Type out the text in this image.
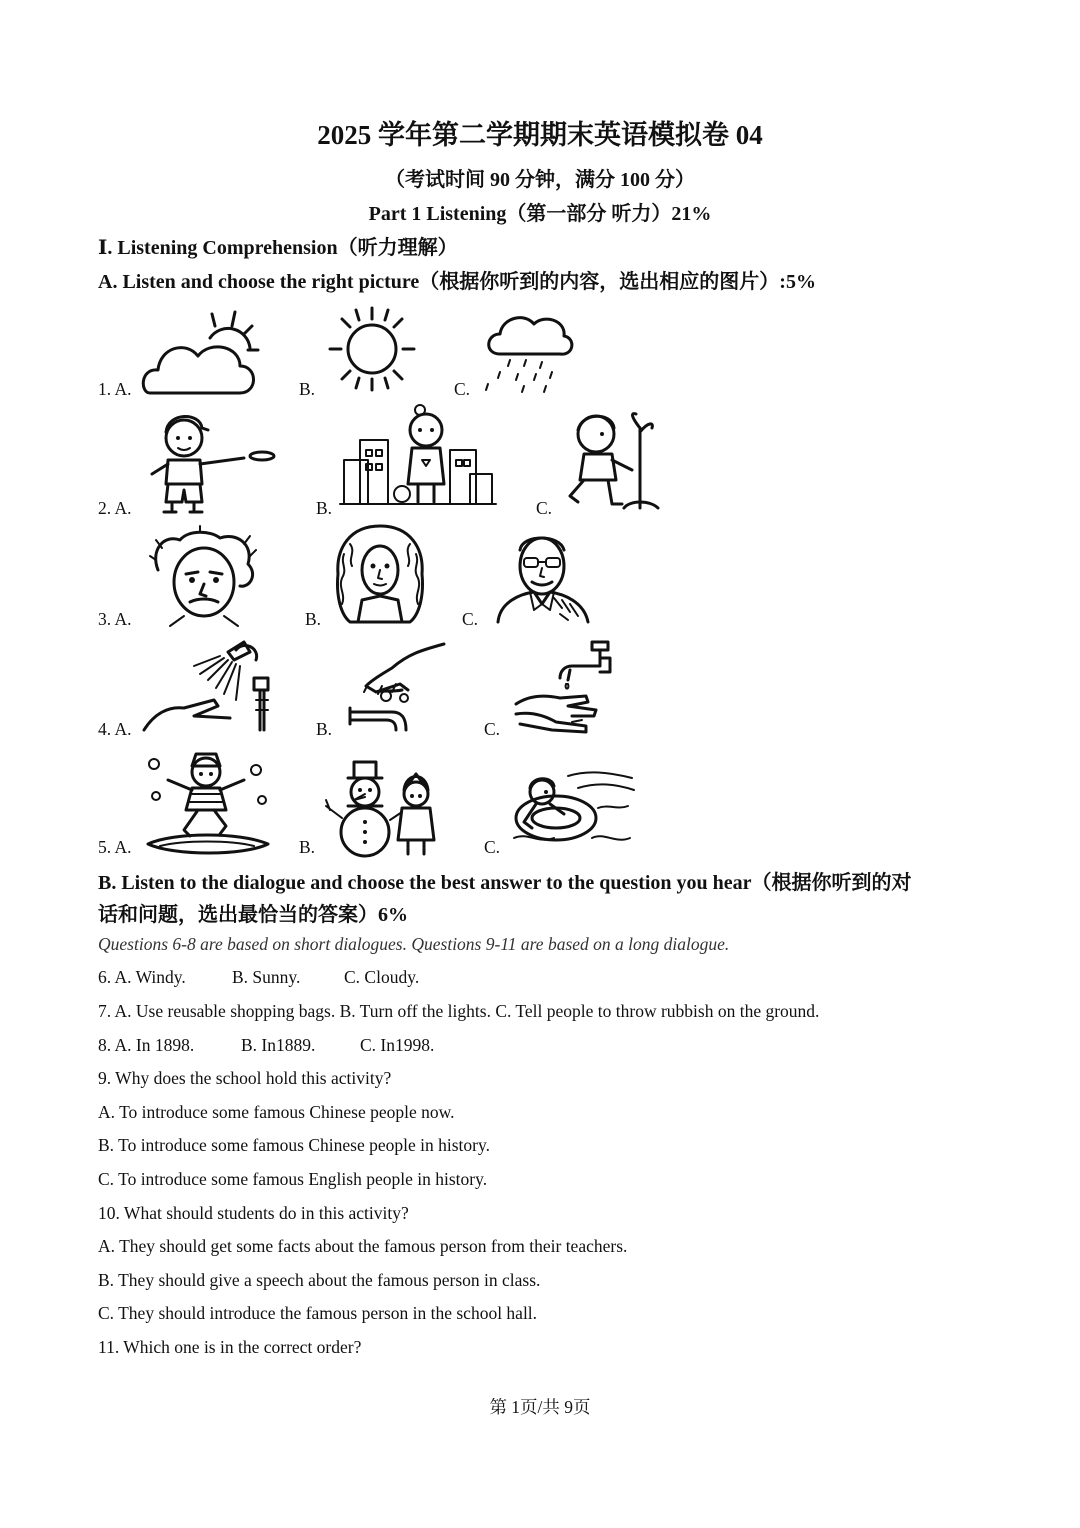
2025 学年第二学期期末英语模拟卷 04
（考试时间 90 分钟，满分 100 分）
Part 1 Listening（第一部分 听力）21%
Ⅰ. Listening Comprehension（听力理解）
A. Listen and choose the right picture（根据你听到的内容，选出相应的图片）:5%
1. A.	B.	C.
2. A.	B.	C.
3. A.	B.	C.
4. A.	B.	C.
5. A.	B.	C.
B. Listen to the dialogue and choose the best answer to the question you hear（根据你听到的对
话和问题，选出最恰当的答案）6%
Questions 6-8 are based on short dialogues. Questions 9-11 are based on a long dialogue.
6. A. Windy.	B. Sunny. C. Cloudy.
7. A. Use reusable shopping bags. B. Turn off the lights. C. Tell people to throw rubbish on the ground.
8. A. In 1898.	B. In1889.	C. In1998.
9. Why does the school hold this activity?
A. To introduce some famous Chinese people now.
B. To introduce some famous Chinese people in history.
C. To introduce some famous English people in history.
10. What should students do in this activity?
A. They should get some facts about the famous person from their teachers.
B. They should give a speech about the famous person in class.
C. They should introduce the famous person in the school hall.
11. Which one is in the correct order?
第 1页/共 9页
